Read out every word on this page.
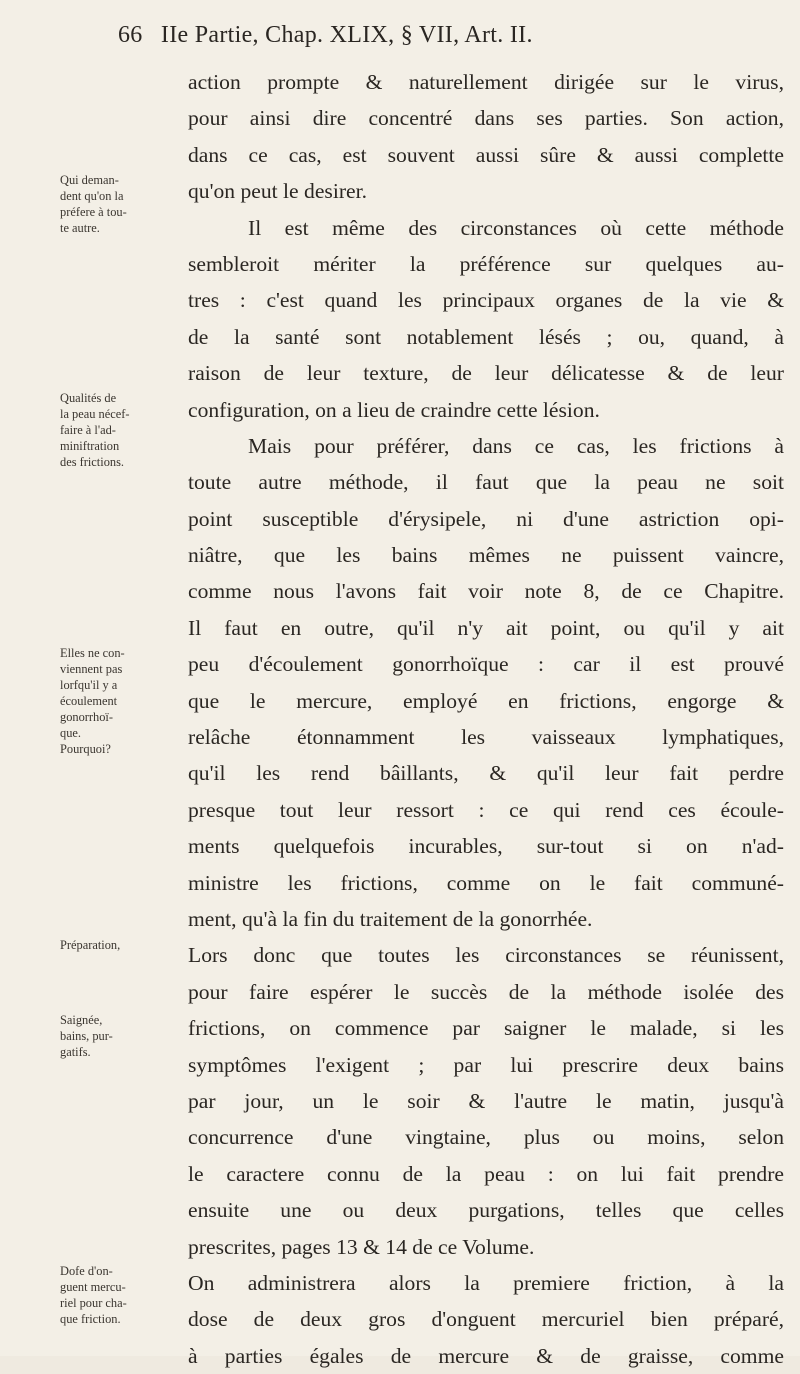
66 IIe Partie, Chap. XLIX, § VII, Art. II.
action prompte & naturellement dirigée sur le virus,
pour ainsi dire concentré dans ses parties. Son action,
dans ce cas, est souvent aussi sûre & aussi complette
qu'on peut le desirer.
Il est même des circonstances où cette méthode
sembleroit mériter la préférence sur quelques au-
tres : c'est quand les principaux organes de la vie &
de la santé sont notablement lésés ; ou, quand, à
raison de leur texture, de leur délicatesse & de leur
configuration, on a lieu de craindre cette lésion.
Mais pour préférer, dans ce cas, les frictions à
toute autre méthode, il faut que la peau ne soit
point susceptible d'érysipele, ni d'une astriction opi-
niâtre, que les bains mêmes ne puissent vaincre,
comme nous l'avons fait voir note 8, de ce Chapitre.
Il faut en outre, qu'il n'y ait point, ou qu'il y ait
peu d'écoulement gonorrhoïque : car il est prouvé
que le mercure, employé en frictions, engorge &
relâche étonnamment les vaisseaux lymphatiques,
qu'il les rend bâillants, & qu'il leur fait perdre
presque tout leur ressort : ce qui rend ces écoule-
ments quelquefois incurables, sur-tout si on n'ad-
ministre les frictions, comme on le fait communé-
ment, qu'à la fin du traitement de la gonorrhée.
Lors donc que toutes les circonstances se réunissent,
pour faire espérer le succès de la méthode isolée des
frictions, on commence par saigner le malade, si les
symptômes l'exigent ; par lui prescrire deux bains
par jour, un le soir & l'autre le matin, jusqu'à
concurrence d'une vingtaine, plus ou moins, selon
le caractere connu de la peau : on lui fait prendre
ensuite une ou deux purgations, telles que celles
prescrites, pages 13 & 14 de ce Volume.
On administrera alors la premiere friction, à la
dose de deux gros d'onguent mercuriel bien préparé,
à parties égales de mercure & de graisse, comme
Qui deman-
dent qu'on la
préfere à tou-
te autre.
Qualités de
la peau nécef-
faire à l'ad-
miniftration
des frictions.
Elles ne con-
viennent pas
lorfqu'il y a
écoulement
gonorrhoï-
que.
Pourquoi?
Préparation,
Saignée,
bains, pur-
gatifs.
Dofe d'on-
guent mercu-
riel pour cha-
que friction.
